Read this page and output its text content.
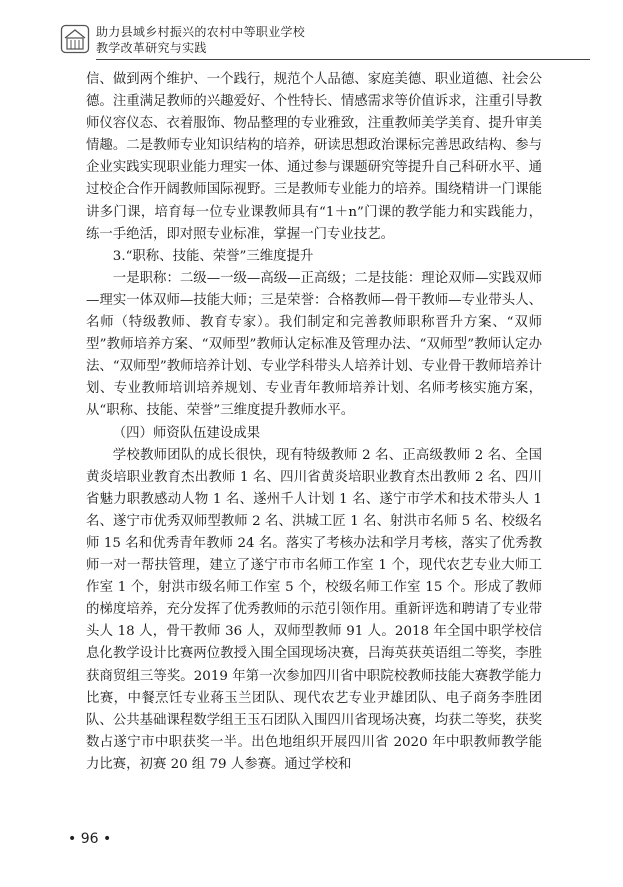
助力县域乡村振兴的农村中等职业学校
教学改革研究与实践

信、做到两个维护、一个践行，规范个人品德、家庭美德、职业道德、社会公德。注重满足教师的兴趣爱好、个性特长、情感需求等价值诉求，注重引导教师仪容仪态、衣着服饰、物品整理的专业雅致，注重教师美学美育、提升审美情趣。二是教师专业知识结构的培养，研读思想政治课标完善思政结构、参与企业实践实现职业能力理实一体、通过参与课题研究等提升自己科研水平、通过校企合作开阔教师国际视野。三是教师专业能力的培养。围绕精讲一门课能讲多门课，培育每一位专业课教师具有“1＋n”门课的教学能力和实践能力，练一手绝活，即对照专业标准，掌握一门专业技艺。

3.“职称、技能、荣誉”三维度提升

一是职称：二级—一级—高级—正高级；二是技能：理论双师—实践双师—理实一体双师—技能大师；三是荣誉：合格教师—骨干教师—专业带头人、名师（特级教师、教育专家）。我们制定和完善教师职称晋升方案、“双师型”教师培养方案、“双师型”教师认定标准及管理办法、“双师型”教师认定办法、“双师型”教师培养计划、专业学科带头人培养计划、专业骨干教师培养计划、专业教师培训培养规划、专业青年教师培养计划、名师考核实施方案，从“职称、技能、荣誉”三维度提升教师水平。

（四）师资队伍建设成果

学校教师团队的成长很快，现有特级教师 2 名、正高级教师 2 名、全国黄炎培职业教育杰出教师 1 名、四川省黄炎培职业教育杰出教师 2 名、四川省魅力职教感动人物 1 名、遂州千人计划 1 名、遂宁市学术和技术带头人 1 名、遂宁市优秀双师型教师 2 名、洪城工匠 1 名、射洪市名师 5 名、校级名师 15 名和优秀青年教师 24 名。落实了考核办法和学月考核，落实了优秀教师一对一帮扶管理，建立了遂宁市市名师工作室 1 个，现代农艺专业大师工作室 1 个，射洪市级名师工作室 5 个，校级名师工作室 15 个。形成了教师的梯度培养，充分发挥了优秀教师的示范引领作用。重新评选和聘请了专业带头人 18 人，骨干教师 36 人，双师型教师 91 人。2018 年全国中职学校信息化教学设计比赛两位教授入围全国现场决赛，吕海英获英语组二等奖，李胜获商贸组三等奖。2019 年第一次参加四川省中职院校教师技能大赛教学能力比赛，中餐烹饪专业蒋玉兰团队、现代农艺专业尹雄团队、电子商务李胜团队、公共基础课程数学组王玉石团队入围四川省现场决赛，均获二等奖，获奖数占遂宁市中职获奖一半。出色地组织开展四川省 2020 年中职教师教学能力比赛，初赛 20 组 79 人参赛。通过学校和

• 96 •
